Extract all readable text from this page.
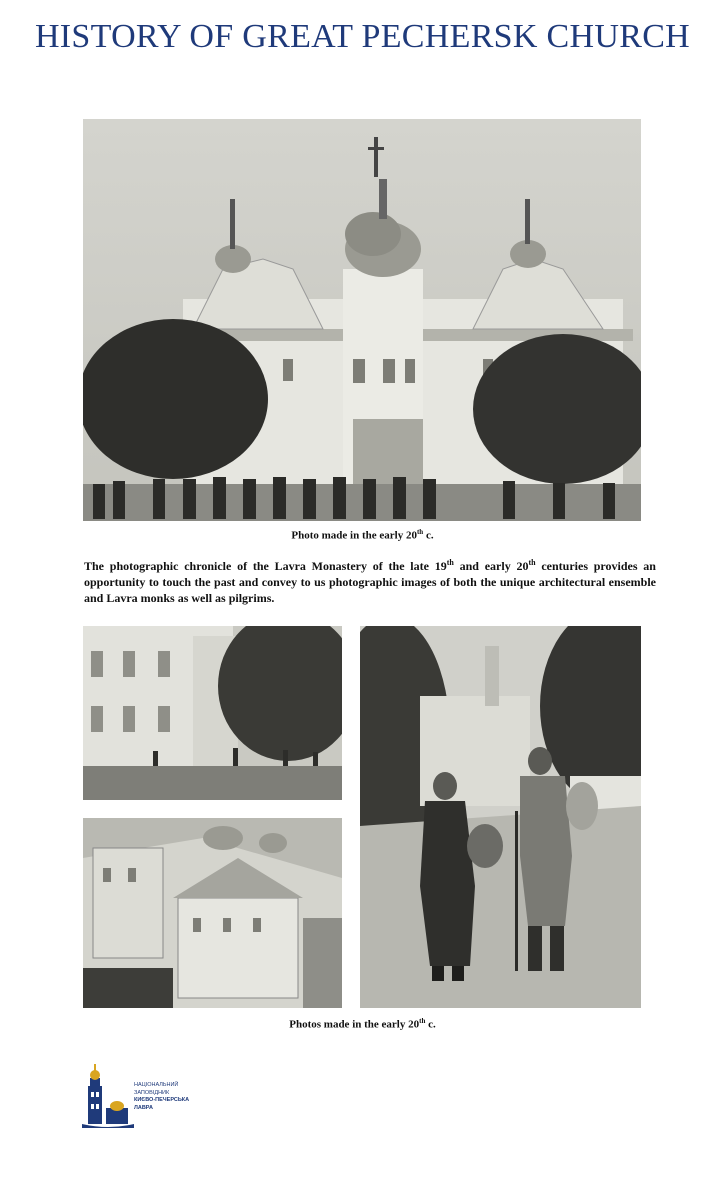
HISTORY OF GREAT PECHERSK CHURCH
Photo made in the early 20th c.
The photographic chronicle of the Lavra Monastery of the late 19th and early 20th centuries provides an opportunity to touch the past and convey to us photographic images of both the unique architectural ensemble and Lavra monks as well as pilgrims.
Photos made in the early 20th c.
НАЦІОНАЛЬНИЙ
ЗАПОВІДНИК
КИЄВО-ПЕЧЕРСЬКА
ЛАВРА
